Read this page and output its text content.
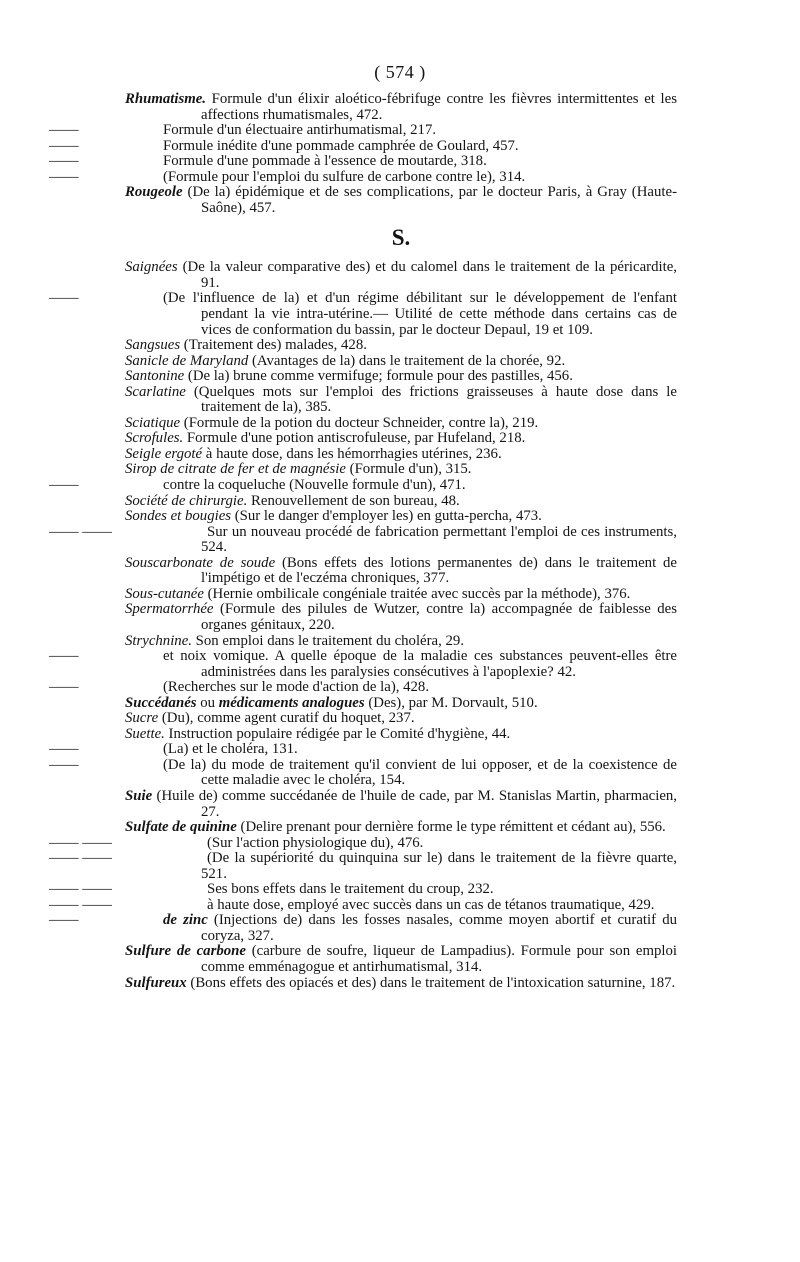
( 574 )

Rhumatisme. Formule d'un élixir aloético-fébrifuge contre les fièvres intermittentes et les affections rhumatismales, 472.

——	Formule d'un électuaire antirhumatismal, 217.

——	Formule inédite d'une pommade camphrée de Goulard, 457.

——	Formule d'une pommade à l'essence de moutarde, 318.

——	(Formule pour l'emploi du sulfure de carbone contre le), 314.

Rougeole (De la) épidémique et de ses complications, par le docteur Paris, à Gray (Haute-Saône), 457.

S.

Saignées (De la valeur comparative des) et du calomel dans le traitement de la péricardite, 91.

——	(De l'influence de la) et d'un régime débilitant sur le développement de l'enfant pendant la vie intra-utérine.— Utilité de cette méthode dans certains cas de vices de conformation du bassin, par le docteur Depaul, 19 et 109.

Sangsues (Traitement des) malades, 428.

Sanicle de Maryland (Avantages de la) dans le traitement de la chorée, 92.

Santonine (De la) brune comme vermifuge; formule pour des pastilles, 456.

Scarlatine (Quelques mots sur l'emploi des frictions graisseuses à haute dose dans le traitement de la), 385.

Sciatique (Formule de la potion du docteur Schneider, contre la), 219.

Scrofules. Formule d'une potion antiscrofuleuse, par Hufeland, 218.

Seigle ergoté à haute dose, dans les hémorrhagies utérines, 236.

Sirop de citrate de fer et de magnésie (Formule d'un), 315.

——	contre la coqueluche (Nouvelle formule d'un), 471.

Société de chirurgie. Renouvellement de son bureau, 48.

Sondes et bougies (Sur le danger d'employer les) en gutta-percha, 473.

—— ——	Sur un nouveau procédé de fabrication permettant l'emploi de ces instruments, 524.

Souscarbonate de soude (Bons effets des lotions permanentes de) dans le traitement de l'impétigo et de l'eczéma chroniques, 377.

Sous-cutanée (Hernie ombilicale congéniale traitée avec succès par la méthode), 376.

Spermatorrhée (Formule des pilules de Wutzer, contre la) accompagnée de faiblesse des organes génitaux, 220.

Strychnine. Son emploi dans le traitement du choléra, 29.

——	et noix vomique. A quelle époque de la maladie ces substances peuvent-elles être administrées dans les paralysies consécutives à l'apoplexie? 42.

——	(Recherches sur le mode d'action de la), 428.

Succédanés ou médicaments analogues (Des), par M. Dorvault, 510.

Sucre (Du), comme agent curatif du hoquet, 237.

Suette. Instruction populaire rédigée par le Comité d'hygiène, 44.

——	(La) et le choléra, 131.

——	(De la) du mode de traitement qu'il convient de lui opposer, et de la coexistence de cette maladie avec le choléra, 154.

Suie (Huile de) comme succédanée de l'huile de cade, par M. Stanislas Martin, pharmacien, 27.

Sulfate de quinine (Delire prenant pour dernière forme le type rémittent et cédant au), 556.

—— ——	(Sur l'action physiologique du), 476.

—— ——	(De la supériorité du quinquina sur le) dans le traitement de la fièvre quarte, 521.

—— ——	Ses bons effets dans le traitement du croup, 232.

—— ——	à haute dose, employé avec succès dans un cas de tétanos traumatique, 429.

——	de zinc (Injections de) dans les fosses nasales, comme moyen abortif et curatif du coryza, 327.

Sulfure de carbone (carbure de soufre, liqueur de Lampadius). Formule pour son emploi comme emménagogue et antirhumatismal, 314.

Sulfureux (Bons effets des opiacés et des) dans le traitement de l'intoxication saturnine, 187.
